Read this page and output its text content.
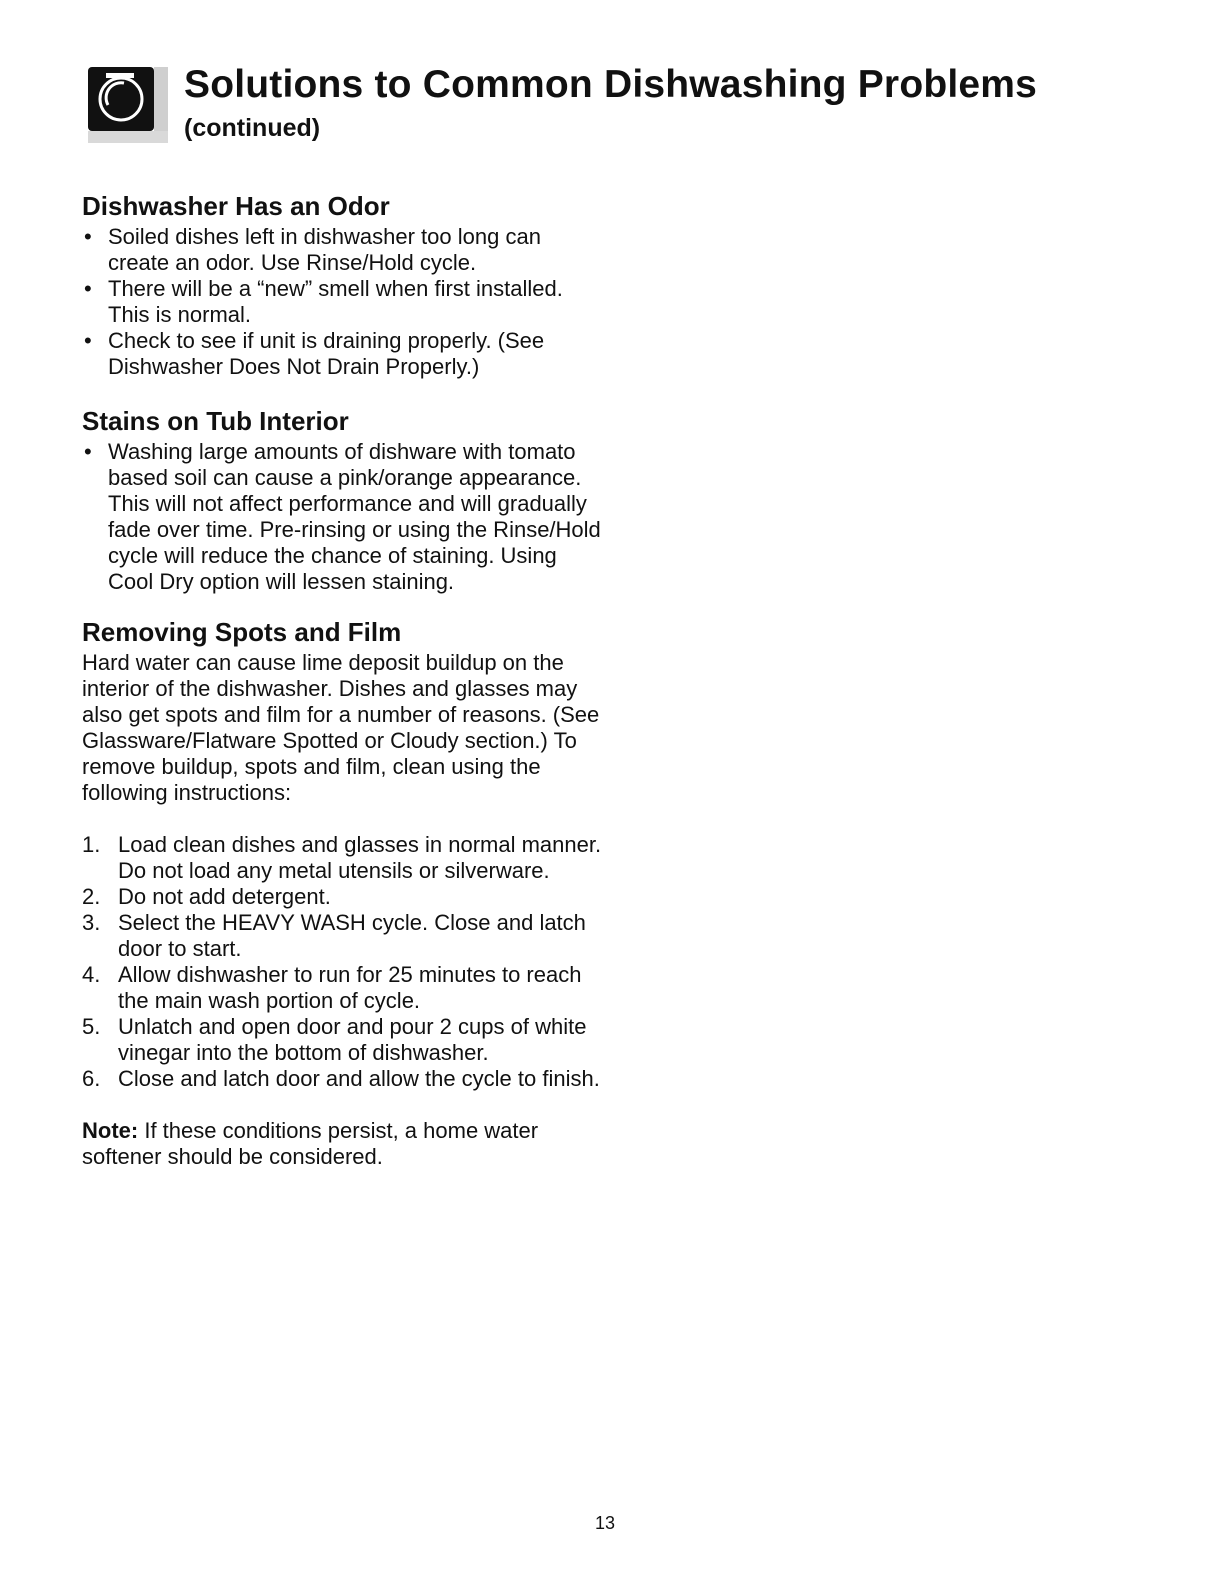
Solutions to Common Dishwashing Problems
(continued)
Dishwasher Has an Odor
• Soiled dishes left in dishwasher too long can create an odor. Use Rinse/Hold cycle.
• There will be a “new” smell when first installed. This is normal.
• Check to see if unit is draining properly. (See Dishwasher Does Not Drain Properly.)
Stains on Tub Interior
• Washing large amounts of dishware with tomato based soil can cause a pink/orange appearance. This will not affect performance and will gradually fade over time. Pre-rinsing or using the Rinse/Hold cycle will reduce the chance of staining. Using Cool Dry option will lessen staining.
Removing Spots and Film

Hard water can cause lime deposit buildup on the interior of the dishwasher. Dishes and glasses may also get spots and film for a number of reasons. (See Glassware/Flatware Spotted or Cloudy section.) To remove buildup, spots and film, clean using the following instructions:

1. Load clean dishes and glasses in normal manner. Do not load any metal utensils or silverware.
2. Do not add detergent.
3. Select the HEAVY WASH cycle. Close and latch door to start.
4. Allow dishwasher to run for 25 minutes to reach the main wash portion of cycle.
5. Unlatch and open door and pour 2 cups of white vinegar into the bottom of dishwasher.
6. Close and latch door and allow the cycle to finish.

Note: If these conditions persist, a home water softener should be considered.

13
